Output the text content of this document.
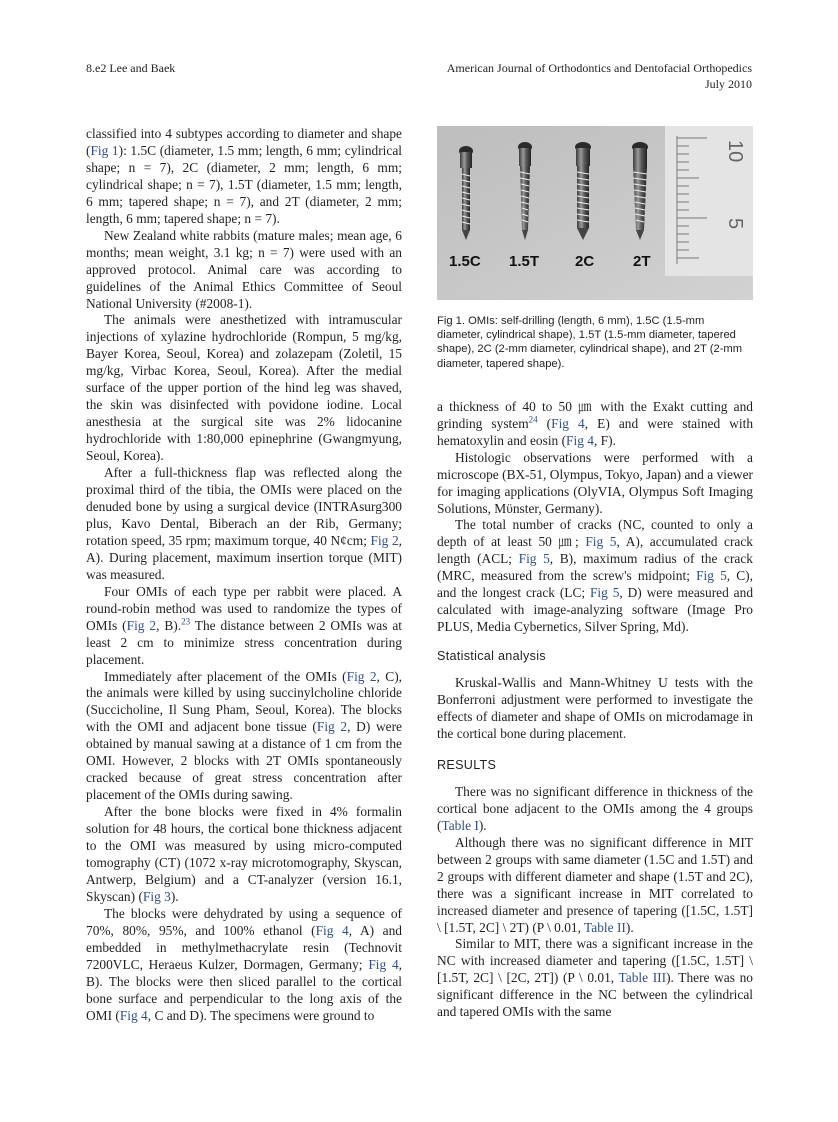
8.e2 Lee and Baek	American Journal of Orthodontics and Dentofacial Orthopedics
July 2010

classified into 4 subtypes according to diameter and shape (Fig 1): 1.5C (diameter, 1.5 mm; length, 6 mm; cylindrical shape; n = 7), 2C (diameter, 2 mm; length, 6 mm; cylindrical shape; n = 7), 1.5T (diameter, 1.5 mm; length, 6 mm; tapered shape; n = 7), and 2T (diameter, 2 mm; length, 6 mm; tapered shape; n = 7).

New Zealand white rabbits (mature males; mean age, 6 months; mean weight, 3.1 kg; n = 7) were used with an approved protocol. Animal care was according to guidelines of the Animal Ethics Committee of Seoul National University (#2008-1).

The animals were anesthetized with intramuscular injections of xylazine hydrochloride (Rompun, 5 mg/kg, Bayer Korea, Seoul, Korea) and zolazepam (Zoletil, 15 mg/kg, Virbac Korea, Seoul, Korea). After the medial surface of the upper portion of the hind leg was shaved, the skin was disinfected with povidone iodine. Local anesthesia at the surgical site was 2% lidocanine hydrochloride with 1:80,000 epinephrine (Gwangmyung, Seoul, Korea).

After a full-thickness flap was reflected along the proximal third of the tibia, the OMIs were placed on the denuded bone by using a surgical device (INTRAsurg300 plus, Kavo Dental, Biberach an der Rib, Germany; rotation speed, 35 rpm; maximum torque, 40 N¢cm; Fig 2, A). During placement, maximum insertion torque (MIT) was measured.

Four OMIs of each type per rabbit were placed. A round-robin method was used to randomize the types of OMIs (Fig 2, B).$^{23}$ The distance between 2 OMIs was at least 2 cm to minimize stress concentration during placement.

Immediately after placement of the OMIs (Fig 2, C), the animals were killed by using succinylcholine chloride (Succicholine, Il Sung Pham, Seoul, Korea). The blocks with the OMI and adjacent bone tissue (Fig 2, D) were obtained by manual sawing at a distance of 1 cm from the OMI. However, 2 blocks with 2T OMIs spontaneously cracked because of great stress concentration after placement of the OMIs during sawing.

After the bone blocks were fixed in 4% formalin solution for 48 hours, the cortical bone thickness adjacent to the OMI was measured by using micro-computed tomography (CT) (1072 x-ray microtomography, Skyscan, Antwerp, Belgium) and a CT-analyzer (version 16.1, Skyscan) (Fig 3).

The blocks were dehydrated by using a sequence of 70%, 80%, 95%, and 100% ethanol (Fig 4, A) and embedded in methylmethacrylate resin (Technovit 7200VLC, Heraeus Kulzer, Dormagen, Germany; Fig 4, B). The blocks were then sliced parallel to the cortical bone surface and perpendicular to the long axis of the OMI (Fig 4, C and D). The specimens were ground to

10
5
1.5C 1.5T 2C	2T
Fig 1. OMIs: self-drilling (length, 6 mm), 1.5C (1.5-mm diameter, cylindrical shape), 1.5T (1.5-mm diameter, tapered shape), 2C (2-mm diameter, cylindrical shape), and 2T (2-mm diameter, tapered shape).

a thickness of 40 to 50 ㎛ with the Exakt cutting and grinding system$^{24}$ (Fig 4, E) and were stained with hematoxylin and eosin (Fig 4, F).

Histologic observations were performed with a microscope (BX-51, Olympus, Tokyo, Japan) and a viewer for imaging applications (OlyVIA, Olympus Soft Imaging Solutions, Mϋnster, Germany).

The total number of cracks (NC, counted to only a depth of at least 50 ㎛; Fig 5, A), accumulated crack length (ACL; Fig 5, B), maximum radius of the crack (MRC, measured from the screw's midpoint; Fig 5, C), and the longest crack (LC; Fig 5, D) were measured and calculated with image-analyzing software (Image Pro PLUS, Media Cybernetics, Silver Spring, Md).

Statistical analysis

Kruskal-Wallis and Mann-Whitney U tests with the Bonferroni adjustment were performed to investigate the effects of diameter and shape of OMIs on microdamage in the cortical bone during placement.

RESULTS

There was no significant difference in thickness of the cortical bone adjacent to the OMIs among the 4 groups (Table I).

Although there was no significant difference in MIT between 2 groups with same diameter (1.5C and 1.5T) and 2 groups with different diameter and shape (1.5T and 2C), there was a significant increase in MIT correlated to increased diameter and presence of tapering ([1.5C, 1.5T] \ [1.5T, 2C] \ 2T) (P \ 0.01, Table II).

Similar to MIT, there was a significant increase in the NC with increased diameter and tapering ([1.5C, 1.5T] \ [1.5T, 2C] \ [2C, 2T]) (P \ 0.01, Table III). There was no significant difference in the NC between the cylindrical and tapered OMIs with the same
